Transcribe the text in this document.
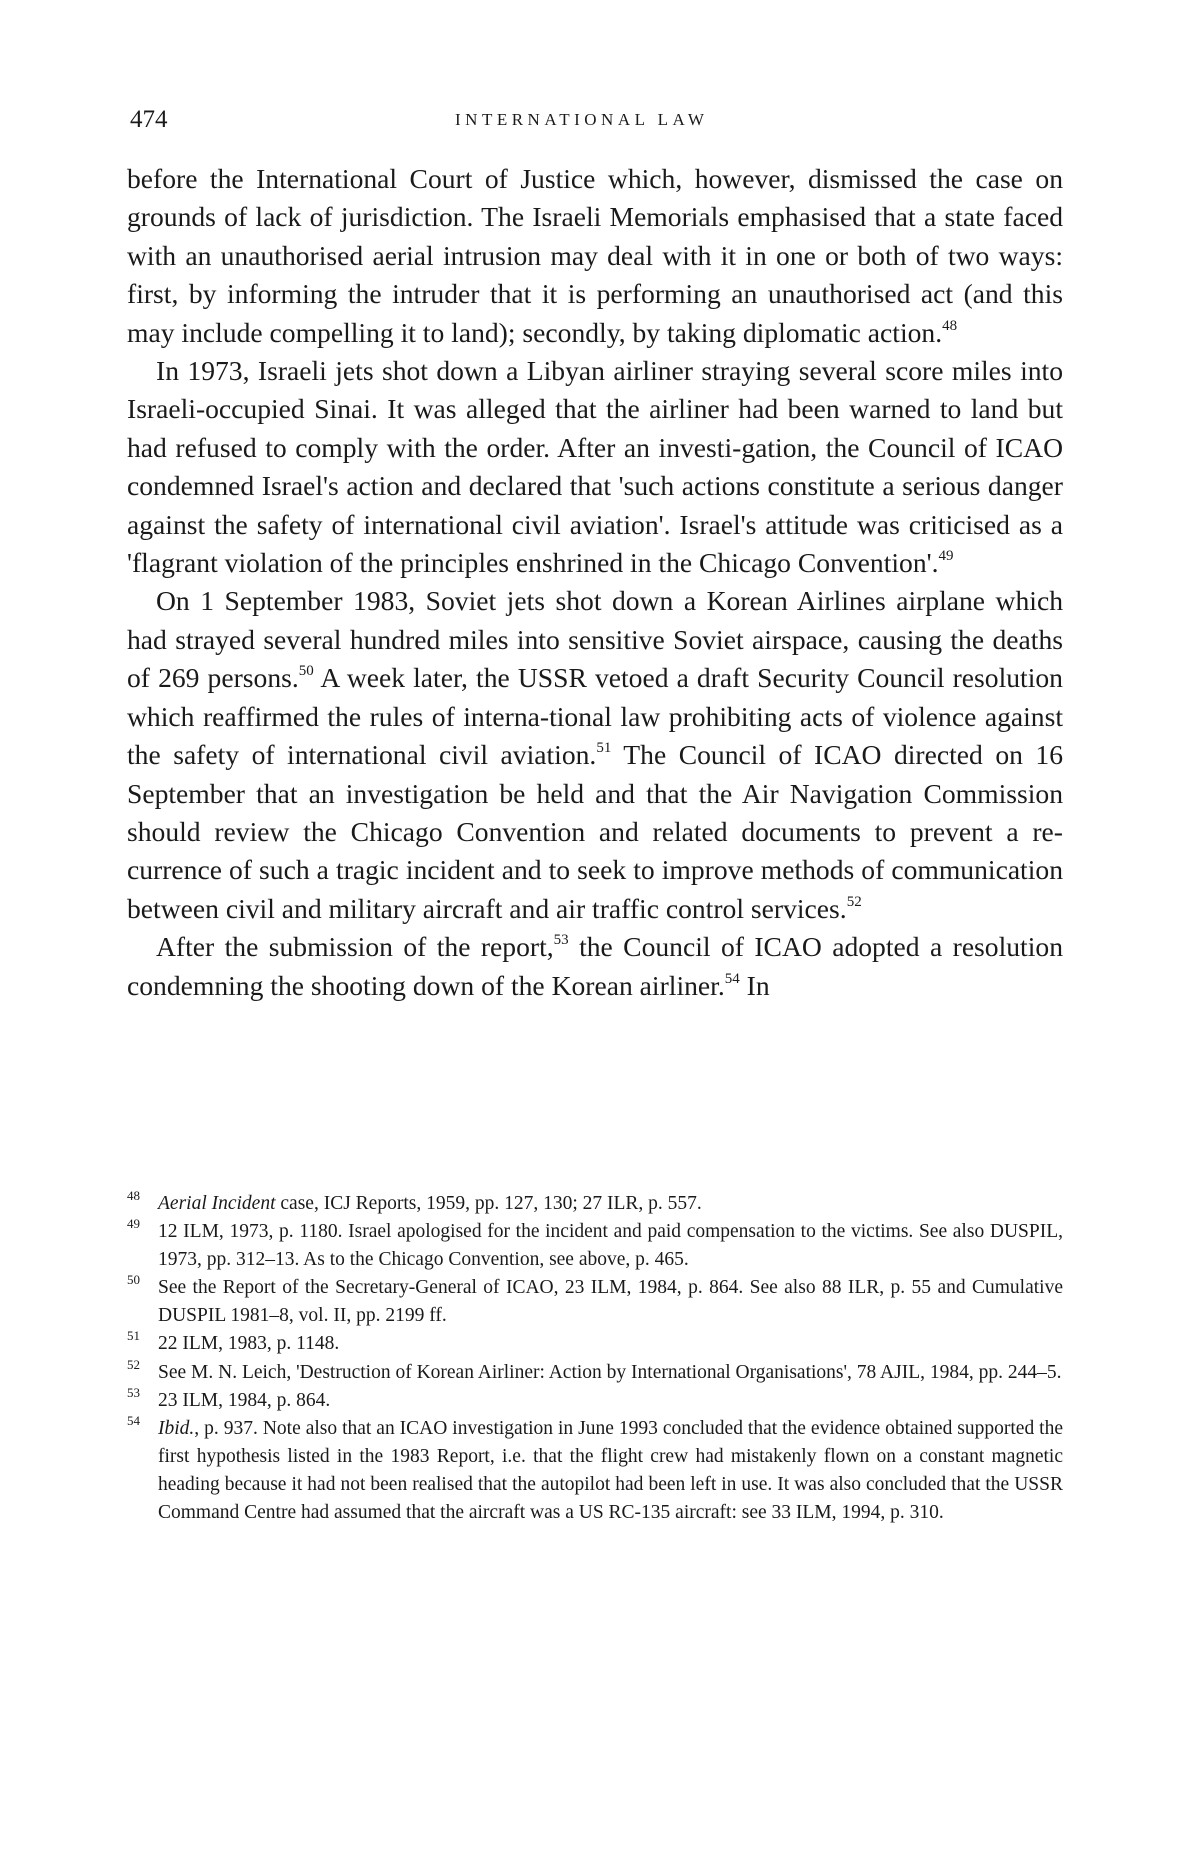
474	INTERNATIONAL LAW

before the International Court of Justice which, however, dismissed the case on grounds of lack of jurisdiction. The Israeli Memorials emphasised that a state faced with an unauthorised aerial intrusion may deal with it in one or both of two ways: first, by informing the intruder that it is performing an unauthorised act (and this may include compelling it to land); secondly, by taking diplomatic action.$^{48}$

In 1973, Israeli jets shot down a Libyan airliner straying several score miles into Israeli-occupied Sinai. It was alleged that the airliner had been warned to land but had refused to comply with the order. After an investi-gation, the Council of ICAO condemned Israel's action and declared that 'such actions constitute a serious danger against the safety of international civil aviation'. Israel's attitude was criticised as a 'flagrant violation of the principles enshrined in the Chicago Convention'.$^{49}$

On 1 September 1983, Soviet jets shot down a Korean Airlines airplane which had strayed several hundred miles into sensitive Soviet airspace, causing the deaths of 269 persons.$^{50}$ A week later, the USSR vetoed a draft Security Council resolution which reaffirmed the rules of interna-tional law prohibiting acts of violence against the safety of international civil aviation.$^{51}$ The Council of ICAO directed on 16 September that an investigation be held and that the Air Navigation Commission should review the Chicago Convention and related documents to prevent a re-currence of such a tragic incident and to seek to improve methods of communication between civil and military aircraft and air traffic control services.$^{52}$

After the submission of the report,$^{53}$ the Council of ICAO adopted a resolution condemning the shooting down of the Korean airliner.$^{54}$ In

48 Aerial Incident case, ICJ Reports, 1959, pp. 127, 130; 27 ILR, p. 557.
49 12 ILM, 1973, p. 1180. Israel apologised for the incident and paid compensation to the victims. See also DUSPIL, 1973, pp. 312–13. As to the Chicago Convention, see above, p. 465.
50 See the Report of the Secretary-General of ICAO, 23 ILM, 1984, p. 864. See also 88 ILR, p. 55 and Cumulative DUSPIL 1981–8, vol. II, pp. 2199 ff.
51 22 ILM, 1983, p. 1148.
52 See M. N. Leich, 'Destruction of Korean Airliner: Action by International Organisations', 78 AJIL, 1984, pp. 244–5.
53 23 ILM, 1984, p. 864.
54 Ibid., p. 937. Note also that an ICAO investigation in June 1993 concluded that the evidence obtained supported the first hypothesis listed in the 1983 Report, i.e. that the flight crew had mistakenly flown on a constant magnetic heading because it had not been realised that the autopilot had been left in use. It was also concluded that the USSR Command Centre had assumed that the aircraft was a US RC-135 aircraft: see 33 ILM, 1994, p. 310.
